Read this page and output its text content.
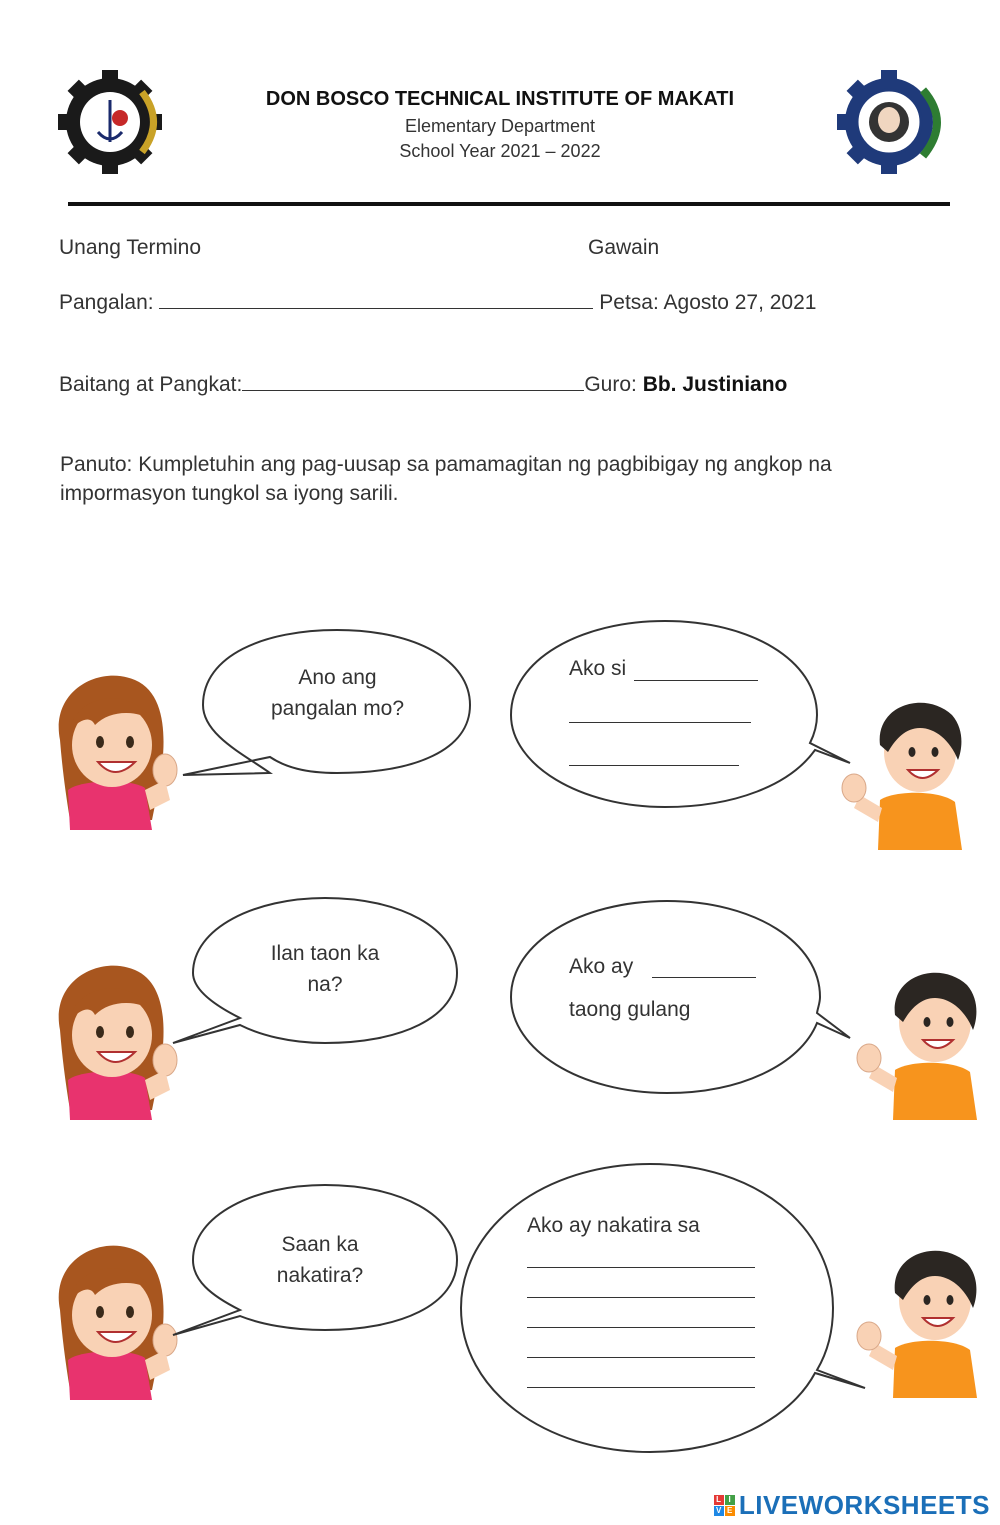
DON BOSCO TECHNICAL INSTITUTE OF MAKATI
Elementary Department
School Year 2021 – 2022
Unang Termino	Gawain
Pangalan:	Petsa: Agosto 27, 2021
Baitang at Pangkat:	Guro: Bb. Justiniano
Panuto: Kumpletuhin ang pag-uusap sa pamamagitan ng pagbibigay ng angkop na impormasyon tungkol sa iyong sarili.
Ano ang
pangalan mo?
Ako si
Ilan taon ka
na?
Ako ay
taong gulang
Saan ka
nakatira?
Ako ay nakatira sa
L I
V E LIVEWORKSHEETS
